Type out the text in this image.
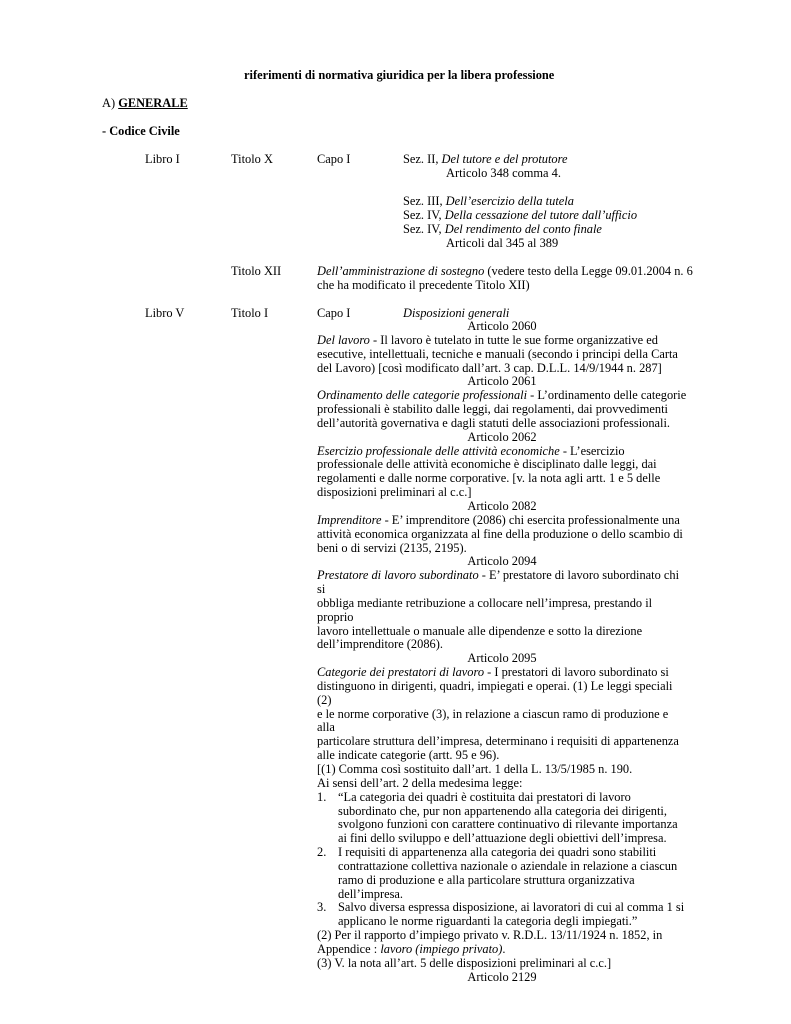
riferimenti di normativa giuridica per la libera professione
A) GENERALE
- Codice Civile
Libro I	Titolo X	Capo I	Sez. II, Del tutore e del protutore
Articolo 348 comma 4.
Sez. III, Dell’esercizio della tutela
Sez. IV, Della cessazione del tutore dall’ufficio
Sez. IV, Del rendimento del conto finale
Articoli dal 345 al 389
Titolo XII	Dell’amministrazione di sostegno (vedere testo della Legge 09.01.2004 n. 6
che ha modificato il precedente Titolo XII)
Libro V	Titolo I	Capo I	Disposizioni generali

Articolo 2060

Del lavoro - Il lavoro è tutelato in tutte le sue forme organizzative ed

esecutive, intellettuali, tecniche e manuali (secondo i principi della Carta

del Lavoro) [così modificato dall’art. 3 cap. D.L.L. 14/9/1944 n. 287]

Articolo 2061

Ordinamento delle categorie professionali - L’ordinamento delle categorie

professionali è stabilito dalle leggi, dai regolamenti, dai provvedimenti

dell’autorità governativa e dagli statuti delle associazioni professionali.

Articolo 2062

Esercizio professionale delle attività economiche - L’esercizio

professionale delle attività economiche è disciplinato dalle leggi, dai

regolamenti e dalle norme corporative. [v. la nota agli artt. 1 e 5 delle

disposizioni preliminari al c.c.]

Articolo 2082

Imprenditore - E’ imprenditore (2086) chi esercita professionalmente una

attività economica organizzata al fine della produzione o dello scambio di

beni o di servizi (2135, 2195).

Articolo 2094

Prestatore di lavoro subordinato - E’ prestatore di lavoro subordinato chi si

obbliga mediante retribuzione a collocare nell’impresa, prestando il proprio

lavoro intellettuale o manuale alle dipendenze e sotto la direzione

dell’imprenditore (2086).

Articolo 2095

Categorie dei prestatori di lavoro - I prestatori di lavoro subordinato si

distinguono in dirigenti, quadri, impiegati e operai. (1) Le leggi speciali (2)

e le norme corporative (3), in relazione a ciascun ramo di produzione e alla

particolare struttura dell’impresa, determinano i requisiti di appartenenza

alle indicate categorie (artt. 95 e 96).

[(1) Comma così sostituito dall’art. 1 della L. 13/5/1985 n. 190.

Ai sensi dell’art. 2 della medesima legge:

1. “La categoria dei quadri è costituita dai prestatori di lavoro subordinato che, pur non appartenendo alla categoria dei dirigenti, svolgono funzioni con carattere continuativo di rilevante importanza ai fini dello sviluppo e dell’attuazione degli obiettivi dell’impresa.
2. I requisiti di appartenenza alla categoria dei quadri sono stabiliti contrattazione collettiva nazionale o aziendale in relazione a ciascun ramo di produzione e alla particolare struttura organizzativa dell’impresa.
3. Salvo diversa espressa disposizione, ai lavoratori di cui al comma 1 si applicano le norme riguardanti la categoria degli impiegati.”

(2) Per il rapporto d’impiego privato v. R.D.L. 13/11/1924 n. 1852, in

Appendice : lavoro (impiego privato).

(3) V. la nota all’art. 5 delle disposizioni preliminari al c.c.]

Articolo 2129
